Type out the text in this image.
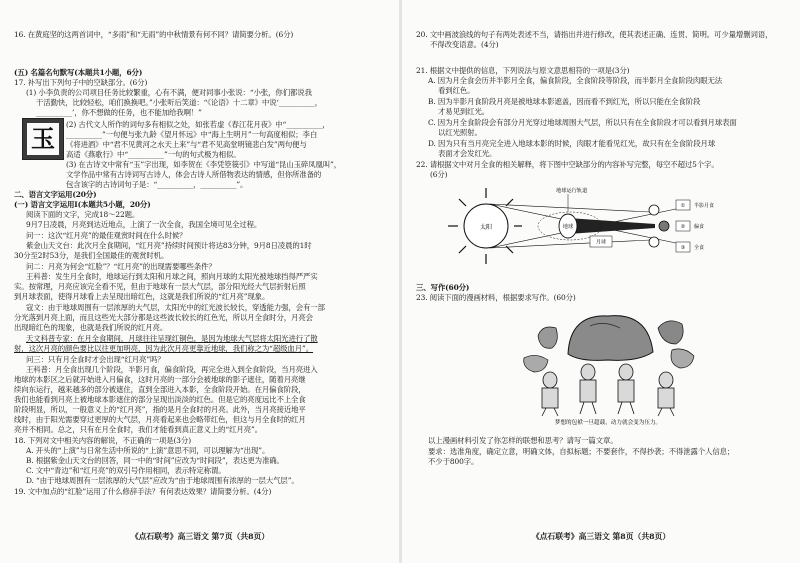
16. 在黄庭坚的这两首词中，“多雨”和“无雨”的中秋情景有何不同？请简要分析。(6分)
(五) 名篇名句默写(本题共1小题，6分)
17. 补写出下列句子中的空缺部分。(6分)
(1) 小李负责的公司项目任务比较繁重，心有不满，便对同事小张说：“小张，你们都说我
干活勤快，比较轻松，咱们换换吧。”小张听后笑道：“《论语》十二章》中说‘__________，
__________’，你不想做的任务，也不能加给我啊！”
(2) 古代文人所作的词句多有相似之处，如张若虚《春江花月夜》中“__________，
__________”一句便与张九龄《望月怀远》中“海上生明月”一句高度相似；李白
《将进酒》中“君不见黄河之水天上来”与“君不见高堂明镜悲白发”两句便与
高适《燕歌行》中“__________”一句的句式极为相似。
(3) 在古诗文中常有“玉”字出现，如李贺在《李凭箜篌引》中写道“昆山玉碎凤凰叫”，
文学作品中常有古诗词写古诗人，体会古诗人所借物表达的情感，但你所准备的
包含该字的古诗词句子是：“__________，__________”。
玉
二、语言文字运用(20分)
(一) 语言文字运用Ⅰ(本题共5小题，20分)
阅读下面的文字，完成18～22题。
9月7日凌晨，月亮到达近地点，上演了一次全食，我国全境可见全过程。
问一：这次“红月亮”的最佳观赏时间在什么时候？
紫金山天文台：此次月全食期间，“红月亮”持续时间预计将达83分钟，9月8日凌晨的1时
30分至2时53分，是我们全国最佳的观赏时机。
问二：月亮为何会“红脸”？“红月亮”的出现需要哪些条件？
王科普：发生月全食时，地球运行到太阳和月球之间，照向月球的太阳光被地球挡得严严实
实。按常理，月亮应该完全看不见，但由于地球有一层大气层，部分阳光经大气层折射后照
到月球表面，使得月球看上去呈现出暗红色，这就是我们所说的“红月亮”现象。
寇文：由于地球周围有一层浓厚的大气层，太阳光中的红光波长较长，穿透能力强，会有一部
分光落到月亮上面，而且这些光大部分都是这些波长较长的红色光，所以月全食时分，月亮会
出现暗红色的现象，也就是我们所说的红月亮。
天文科普专家：在月全食期间，月球往往呈现红铜色，是因为地球大气层将太阳光进行了散
射，这次月亮的颜色要比以往更加明亮，因为此次月亮更靠近地球，我们称之为“超级血月”。
问三：只有月全食时才会出现“红月亮”吗？
王科普：月全食出现几个阶段，半影月食，偏食阶段，再完全进入到全食阶段，当月亮进入
地球的本影区之后就开始进入月偏食，这时月亮的一部分会被地球的影子遮住，随着月亮继
续向东运行，越来越多的部分被遮住，直到全部进入本影，全食阶段开始。在月偏食阶段，
我们也能看到月亮上被地球本影遮住的部分呈现出淡淡的红色。但是它的亮度远比不上全食
阶段明显，所以，一般意义上的“红月亮”，指的是月全食时的月亮。此外，当月亮接近地平
线时，由于阳光需要穿过更厚的大气层，月亮看起来也会略带红色，但这与月全食时的红月
亮并不相同。总之，只有在月全食时，我们才能看到真正意义上的“红月亮”。
18. 下列对文中相关内容的解说，不正确的一项是(3分)
A. 开头的“上演”与日常生活中所说的“上演”意思不同，可以理解为“出现”。
B. 根据紫金山天文台的回答，同一中的“时间”应改为“时间段”，表达更为准确。
C. 文中“青边”和“红月亮”的双引号作用相同，表示特定称谓。
D. “由于地球周围有一层浓厚的大气层”应改为“由于地球周围有浓厚的一层大气层”。
19. 文中加点的“红脸”运用了什么修辞手法？有何表达效果？请简要分析。(4分)
《点石联考》高三语文 第7页（共8页）
20. 文中画波浪线的句子有两处表述不当，请指出并进行修改，使其表述正确、连贯、简明。可少量增删词语，
不得改变语意。(4分)
21. 根据文中提供的信息，下列说法与原文意思相符的一项是(3分)
A. 因为月全食会历并半影月全食，偏食阶段，全食阶段等阶段，而半影月全食阶段肉眼无法
看到红色。
B. 因为半影月食阶段月亮是被地球本影遮盖，因而看不到红光，所以只能在全食阶段
才易见到红光。
C. 因为月全食阶段会有部分月光穿过地球周围大气层，所以只有在全食阶段才可以看到月球表面
以红光照射。
D. 因为只有当月亮完全进入地球本影的时候，肉眼才能看见红光，故只有在全食阶段月球
表面才会发红光。
22. 请根据文中对月全食的相关解释，将下图中空缺部分的内容补写完整，每空不超过5个字。
(6分)
太阳	地球
地球运行轨道
月球
①
②
③
半影月食
偏食
全食
三、写作(60分)
23. 阅读下面的漫画材料，根据要求写作。(60分)
梦想的包袱一旦超载，动力就会变为压力。
以上漫画材料引发了你怎样的联想和思考？请写一篇文章。
要求：选准角度，确定立意，明确文体，自拟标题；不要套作，不得抄袭；不得泄露个人信息；
不少于800字。
《点石联考》高三语文 第8页（共8页）
